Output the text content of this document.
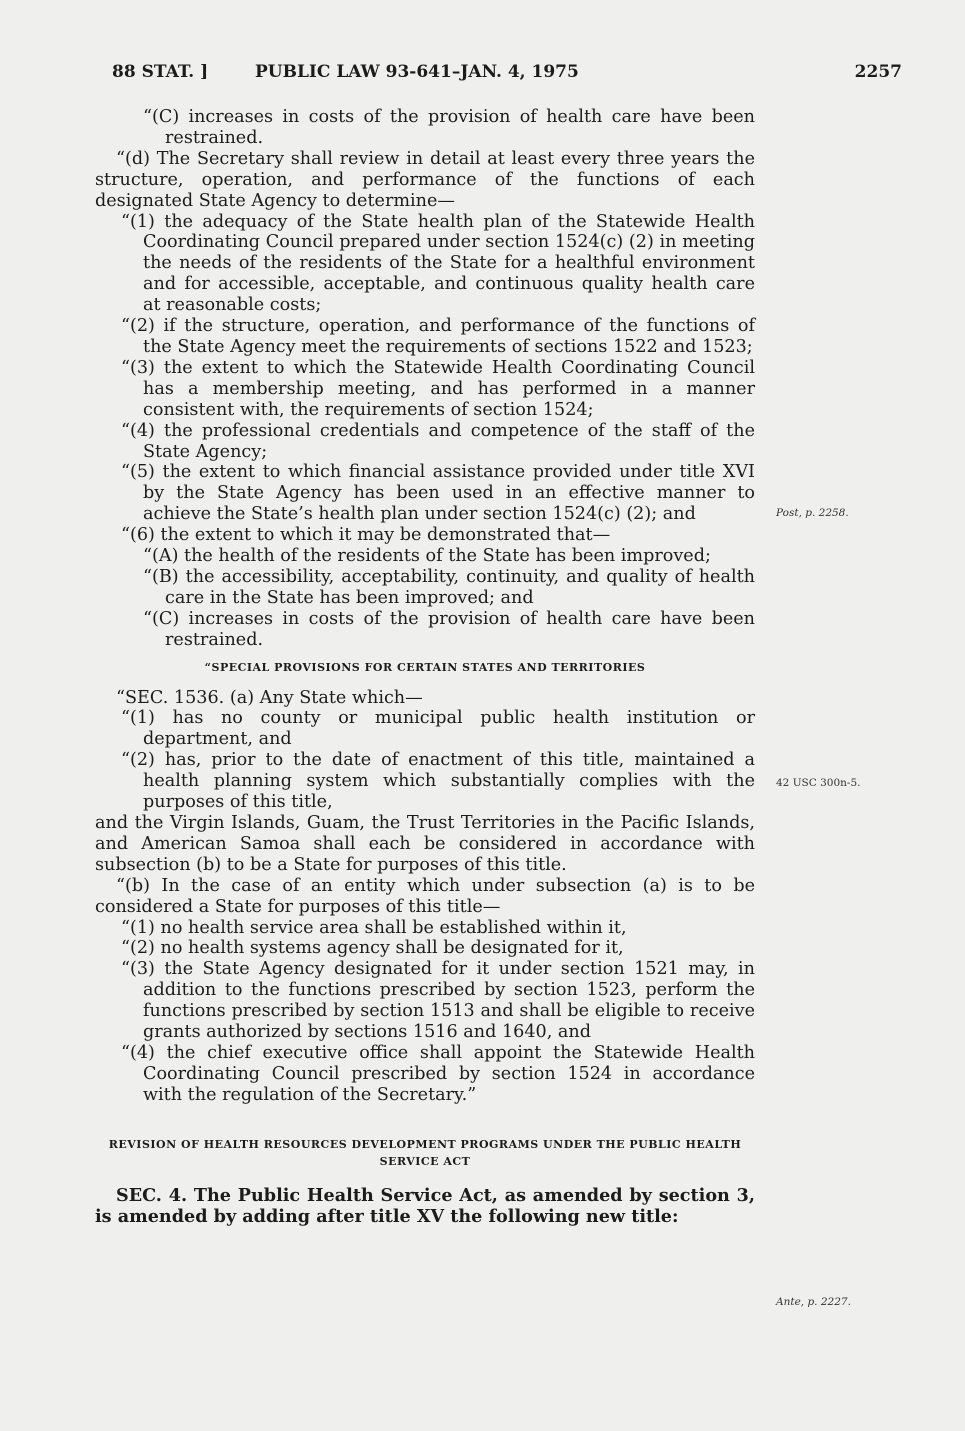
88 STAT. ]	PUBLIC LAW 93-641–JAN. 4, 1975	2257

“(C) increases in costs of the provision of health care have been restrained.

“(d) The Secretary shall review in detail at least every three years the structure, operation, and performance of the functions of each designated State Agency to determine—

“(1) the adequacy of the State health plan of the Statewide Health Coordinating Council prepared under section 1524(c) (2) in meeting the needs of the residents of the State for a healthful environment and for accessible, acceptable, and continuous quality health care at reasonable costs;

“(2) if the structure, operation, and performance of the functions of the State Agency meet the requirements of sections 1522 and 1523;

“(3) the extent to which the Statewide Health Coordinating Council has a membership meeting, and has performed in a manner consistent with, the requirements of section 1524;

“(4) the professional credentials and competence of the staff of the State Agency;

“(5) the extent to which financial assistance provided under title XVI by the State Agency has been used in an effective manner to achieve the State’s health plan under section 1524(c) (2); and

“(6) the extent to which it may be demonstrated that—

“(A) the health of the residents of the State has been improved;

“(B) the accessibility, acceptability, continuity, and quality of health care in the State has been improved; and

“(C) increases in costs of the provision of health care have been restrained.

“SPECIAL PROVISIONS FOR CERTAIN STATES AND TERRITORIES

“SEC. 1536. (a) Any State which—

“(1) has no county or municipal public health institution or department, and

“(2) has, prior to the date of enactment of this title, maintained a health planning system which substantially complies with the purposes of this title,

and the Virgin Islands, Guam, the Trust Territories in the Pacific Islands, and American Samoa shall each be considered in accordance with subsection (b) to be a State for purposes of this title.

“(b) In the case of an entity which under subsection (a) is to be considered a State for purposes of this title—

“(1) no health service area shall be established within it,

“(2) no health systems agency shall be designated for it,

“(3) the State Agency designated for it under section 1521 may, in addition to the functions prescribed by section 1523, perform the functions prescribed by section 1513 and shall be eligible to receive grants authorized by sections 1516 and 1640, and

“(4) the chief executive office shall appoint the Statewide Health Coordinating Council prescribed by section 1524 in accordance with the regulation of the Secretary.”

REVISION OF HEALTH RESOURCES DEVELOPMENT PROGRAMS UNDER THE PUBLIC HEALTH SERVICE ACT

SEC. 4. The Public Health Service Act, as amended by section 3, is amended by adding after title XV the following new title:

Post, p. 2258.
42 USC 300n-5.
Ante, p. 2227.
